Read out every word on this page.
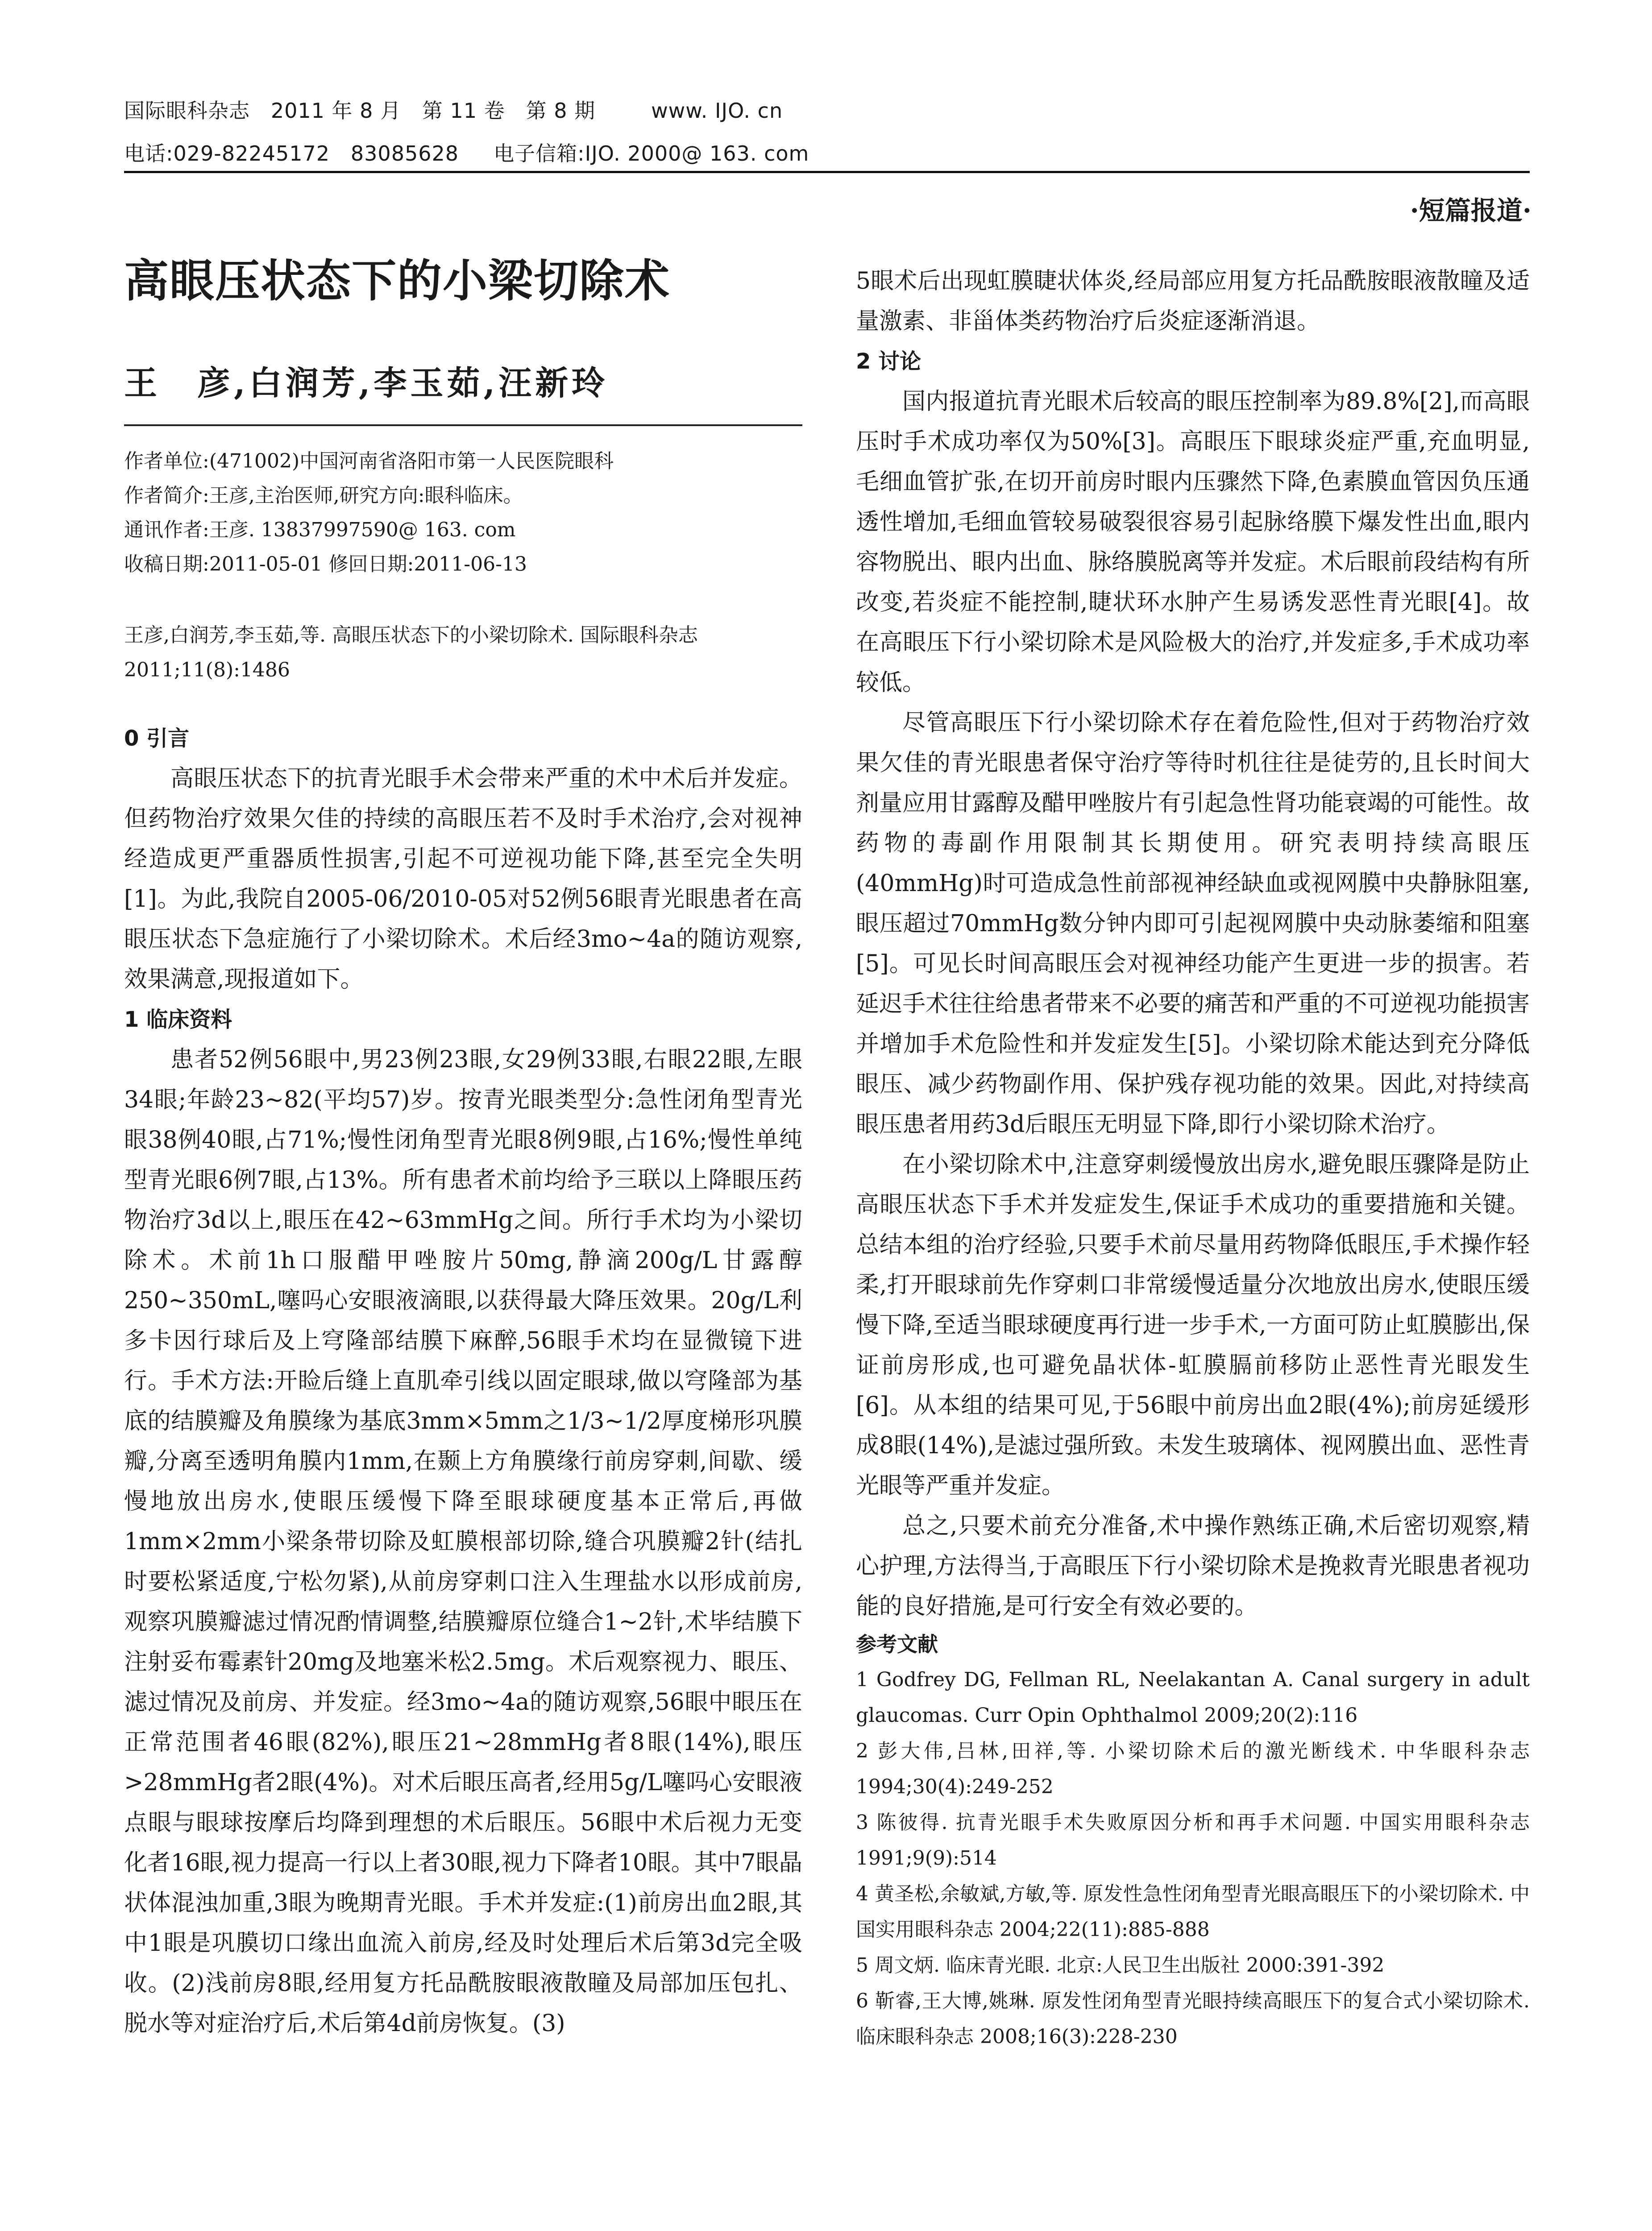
国际眼科杂志   2011 年 8 月   第 11 卷   第 8 期        www. IJO. cn
电话:029-82245172   83085628     电子信箱:IJO. 2000@ 163. com
·短篇报道·
高眼压状态下的小梁切除术
王　彦,白润芳,李玉茹,汪新玲
作者单位:(471002)中国河南省洛阳市第一人民医院眼科
作者简介:王彦,主治医师,研究方向:眼科临床。
通讯作者:王彦. 13837997590@ 163. com
收稿日期:2011-05-01 修回日期:2011-06-13
王彦,白润芳,李玉茹,等. 高眼压状态下的小梁切除术. 国际眼科杂志 2011;11(8):1486
0 引言

高眼压状态下的抗青光眼手术会带来严重的术中术后并发症。但药物治疗效果欠佳的持续的高眼压若不及时手术治疗,会对视神经造成更严重器质性损害,引起不可逆视功能下降,甚至完全失明[1]。为此,我院自2005-06/2010-05对52例56眼青光眼患者在高眼压状态下急症施行了小梁切除术。术后经3mo~4a的随访观察,效果满意,现报道如下。

1 临床资料

患者52例56眼中,男23例23眼,女29例33眼,右眼22眼,左眼34眼;年龄23~82(平均57)岁。按青光眼类型分:急性闭角型青光眼38例40眼,占71%;慢性闭角型青光眼8例9眼,占16%;慢性单纯型青光眼6例7眼,占13%。所有患者术前均给予三联以上降眼压药物治疗3d以上,眼压在42~63mmHg之间。所行手术均为小梁切除术。术前1h口服醋甲唑胺片50mg,静滴200g/L甘露醇250~350mL,噻吗心安眼液滴眼,以获得最大降压效果。20g/L利多卡因行球后及上穹隆部结膜下麻醉,56眼手术均在显微镜下进行。手术方法:开睑后缝上直肌牵引线以固定眼球,做以穹隆部为基底的结膜瓣及角膜缘为基底3mm×5mm之1/3~1/2厚度梯形巩膜瓣,分离至透明角膜内1mm,在颞上方角膜缘行前房穿刺,间歇、缓慢地放出房水,使眼压缓慢下降至眼球硬度基本正常后,再做1mm×2mm小梁条带切除及虹膜根部切除,缝合巩膜瓣2针(结扎时要松紧适度,宁松勿紧),从前房穿刺口注入生理盐水以形成前房,观察巩膜瓣滤过情况酌情调整,结膜瓣原位缝合1~2针,术毕结膜下注射妥布霉素针20mg及地塞米松2.5mg。术后观察视力、眼压、滤过情况及前房、并发症。经3mo~4a的随访观察,56眼中眼压在正常范围者46眼(82%),眼压21~28mmHg者8眼(14%),眼压>28mmHg者2眼(4%)。对术后眼压高者,经用5g/L噻吗心安眼液点眼与眼球按摩后均降到理想的术后眼压。56眼中术后视力无变化者16眼,视力提高一行以上者30眼,视力下降者10眼。其中7眼晶状体混浊加重,3眼为晚期青光眼。手术并发症:(1)前房出血2眼,其中1眼是巩膜切口缘出血流入前房,经及时处理后术后第3d完全吸收。(2)浅前房8眼,经用复方托品酰胺眼液散瞳及局部加压包扎、脱水等对症治疗后,术后第4d前房恢复。(3)

5眼术后出现虹膜睫状体炎,经局部应用复方托品酰胺眼液散瞳及适量激素、非甾体类药物治疗后炎症逐渐消退。

2 讨论

国内报道抗青光眼术后较高的眼压控制率为89.8%[2],而高眼压时手术成功率仅为50%[3]。高眼压下眼球炎症严重,充血明显,毛细血管扩张,在切开前房时眼内压骤然下降,色素膜血管因负压通透性增加,毛细血管较易破裂很容易引起脉络膜下爆发性出血,眼内容物脱出、眼内出血、脉络膜脱离等并发症。术后眼前段结构有所改变,若炎症不能控制,睫状环水肿产生易诱发恶性青光眼[4]。故在高眼压下行小梁切除术是风险极大的治疗,并发症多,手术成功率较低。

尽管高眼压下行小梁切除术存在着危险性,但对于药物治疗效果欠佳的青光眼患者保守治疗等待时机往往是徒劳的,且长时间大剂量应用甘露醇及醋甲唑胺片有引起急性肾功能衰竭的可能性。故药物的毒副作用限制其长期使用。研究表明持续高眼压(40mmHg)时可造成急性前部视神经缺血或视网膜中央静脉阻塞,眼压超过70mmHg数分钟内即可引起视网膜中央动脉萎缩和阻塞[5]。可见长时间高眼压会对视神经功能产生更进一步的损害。若延迟手术往往给患者带来不必要的痛苦和严重的不可逆视功能损害并增加手术危险性和并发症发生[5]。小梁切除术能达到充分降低眼压、减少药物副作用、保护残存视功能的效果。因此,对持续高眼压患者用药3d后眼压无明显下降,即行小梁切除术治疗。

在小梁切除术中,注意穿刺缓慢放出房水,避免眼压骤降是防止高眼压状态下手术并发症发生,保证手术成功的重要措施和关键。总结本组的治疗经验,只要手术前尽量用药物降低眼压,手术操作轻柔,打开眼球前先作穿刺口非常缓慢适量分次地放出房水,使眼压缓慢下降,至适当眼球硬度再行进一步手术,一方面可防止虹膜膨出,保证前房形成,也可避免晶状体-虹膜膈前移防止恶性青光眼发生[6]。从本组的结果可见,于56眼中前房出血2眼(4%);前房延缓形成8眼(14%),是滤过强所致。未发生玻璃体、视网膜出血、恶性青光眼等严重并发症。

总之,只要术前充分准备,术中操作熟练正确,术后密切观察,精心护理,方法得当,于高眼压下行小梁切除术是挽救青光眼患者视功能的良好措施,是可行安全有效必要的。

参考文献
1 Godfrey DG, Fellman RL, Neelakantan A. Canal surgery in adult glaucomas. Curr Opin Ophthalmol 2009;20(2):116
2 彭大伟,吕林,田祥,等. 小梁切除术后的激光断线术. 中华眼科杂志 1994;30(4):249-252
3 陈彼得. 抗青光眼手术失败原因分析和再手术问题. 中国实用眼科杂志 1991;9(9):514
4 黄圣松,余敏斌,方敏,等. 原发性急性闭角型青光眼高眼压下的小梁切除术. 中国实用眼科杂志 2004;22(11):885-888
5 周文炳. 临床青光眼. 北京:人民卫生出版社 2000:391-392
6 靳睿,王大博,姚琳. 原发性闭角型青光眼持续高眼压下的复合式小梁切除术. 临床眼科杂志 2008;16(3):228-230
